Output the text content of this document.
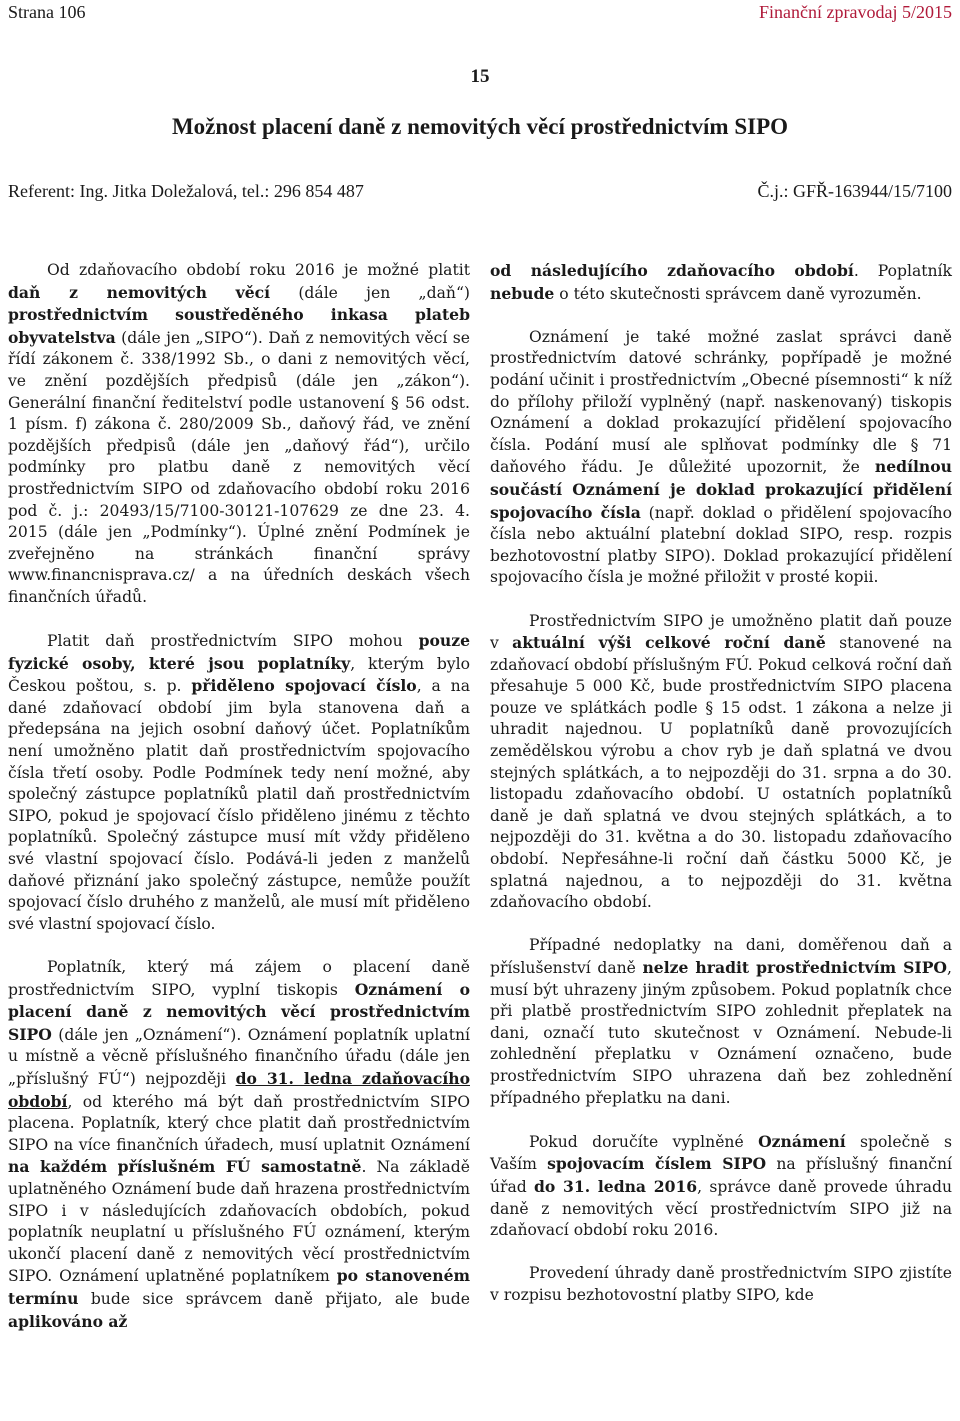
Strana 106	Finanční zpravodaj 5/2015
15
Možnost placení daně z nemovitých věcí prostřednictvím SIPO
Referent: Ing. Jitka Doležalová, tel.: 296 854 487	Č.j.: GFŘ-163944/15/7100

Od zdaňovacího období roku 2016 je možné platit daň z nemovitých věcí (dále jen „daň“) prostřednictvím soustředěného inkasa plateb obyvatelstva (dále jen „SIPO“). Daň z nemovitých věcí se řídí zákonem č. 338/1992 Sb., o dani z nemovitých věcí, ve znění pozdějších předpisů (dále jen „zákon“). Generální finanční ředitelství podle ustanovení § 56 odst. 1 písm. f) zákona č. 280/2009 Sb., daňový řád, ve znění pozdějších předpisů (dále jen „daňový řád“), určilo podmínky pro platbu daně z nemovitých věcí prostřednictvím SIPO od zdaňovacího období roku 2016 pod č. j.: 20493/15/7100-30121-107629 ze dne 23. 4. 2015 (dále jen „Podmínky“). Úplné znění Podmínek je zveřejněno na stránkách finanční správy www.financnisprava.cz/ a na úředních deskách všech finančních úřadů.

Platit daň prostřednictvím SIPO mohou pouze fyzické osoby, které jsou poplatníky, kterým bylo Českou poštou, s. p. přiděleno spojovací číslo, a na dané zdaňovací období jim byla stanovena daň a předepsána na jejich osobní daňový účet. Poplatníkům není umožněno platit daň prostřednictvím spojovacího čísla třetí osoby. Podle Podmínek tedy není možné, aby společný zástupce poplatníků platil daň prostřednictvím SIPO, pokud je spojovací číslo přiděleno jinému z těchto poplatníků. Společný zástupce musí mít vždy přiděleno své vlastní spojovací číslo. Podává-li jeden z manželů daňové přiznání jako společný zástupce, nemůže použít spojovací číslo druhého z manželů, ale musí mít přiděleno své vlastní spojovací číslo.

Poplatník, který má zájem o placení daně prostřednictvím SIPO, vyplní tiskopis Oznámení o placení daně z nemovitých věcí prostřednictvím SIPO (dále jen „Oznámení“). Oznámení poplatník uplatní u místně a věcně příslušného finančního úřadu (dále jen „příslušný FÚ“) nejpozději do 31. ledna zdaňovacího období, od kterého má být daň prostřednictvím SIPO placena. Poplatník, který chce platit daň prostřednictvím SIPO na více finančních úřadech, musí uplatnit Oznámení na každém příslušném FÚ samostatně. Na základě uplatněného Oznámení bude daň hrazena prostřednictvím SIPO i v následujících zdaňovacích obdobích, pokud poplatník neuplatní u příslušného FÚ oznámení, kterým ukončí placení daně z nemovitých věcí prostřednictvím SIPO. Oznámení uplatněné poplatníkem po stanoveném termínu bude sice správcem daně přijato, ale bude aplikováno až

od následujícího zdaňovacího období. Poplatník nebude o této skutečnosti správcem daně vyrozuměn.

Oznámení je také možné zaslat správci daně prostřednictvím datové schránky, popřípadě je možné podání učinit i prostřednictvím „Obecné písemnosti“ k níž do přílohy přiloží vyplněný (např. naskenovaný) tiskopis Oznámení a doklad prokazující přidělení spojovacího čísla. Podání musí ale splňovat podmínky dle § 71 daňového řádu. Je důležité upozornit, že nedílnou součástí Oznámení je doklad prokazující přidělení spojovacího čísla (např. doklad o přidělení spojovacího čísla nebo aktuální platební doklad SIPO, resp. rozpis bezhotovostní platby SIPO). Doklad prokazující přidělení spojovacího čísla je možné přiložit v prosté kopii.

Prostřednictvím SIPO je umožněno platit daň pouze v aktuální výši celkové roční daně stanovené na zdaňovací období příslušným FÚ. Pokud celková roční daň přesahuje 5 000 Kč, bude prostřednictvím SIPO placena pouze ve splátkách podle § 15 odst. 1 zákona a nelze ji uhradit najednou. U poplatníků daně provozujících zemědělskou výrobu a chov ryb je daň splatná ve dvou stejných splátkách, a to nejpozději do 31. srpna a do 30. listopadu zdaňovacího období. U ostatních poplatníků daně je daň splatná ve dvou stejných splátkách, a to nejpozději do 31. května a do 30. listopadu zdaňovacího období. Nepřesáhne-li roční daň částku 5000 Kč, je splatná najednou, a to nejpozději do 31. května zdaňovacího období.

Případné nedoplatky na dani, doměřenou daň a příslušenství daně nelze hradit prostřednictvím SIPO, musí být uhrazeny jiným způsobem. Pokud poplatník chce při platbě prostřednictvím SIPO zohlednit přeplatek na dani, označí tuto skutečnost v Oznámení. Nebude-li zohlednění přeplatku v Oznámení označeno, bude prostřednictvím SIPO uhrazena daň bez zohlednění případného přeplatku na dani.

Pokud doručíte vyplněné Oznámení společně s Vaším spojovacím číslem SIPO na příslušný finanční úřad do 31. ledna 2016, správce daně provede úhradu daně z nemovitých věcí prostřednictvím SIPO již na zdaňovací období roku 2016.

Provedení úhrady daně prostřednictvím SIPO zjistíte v rozpisu bezhotovostní platby SIPO, kde
